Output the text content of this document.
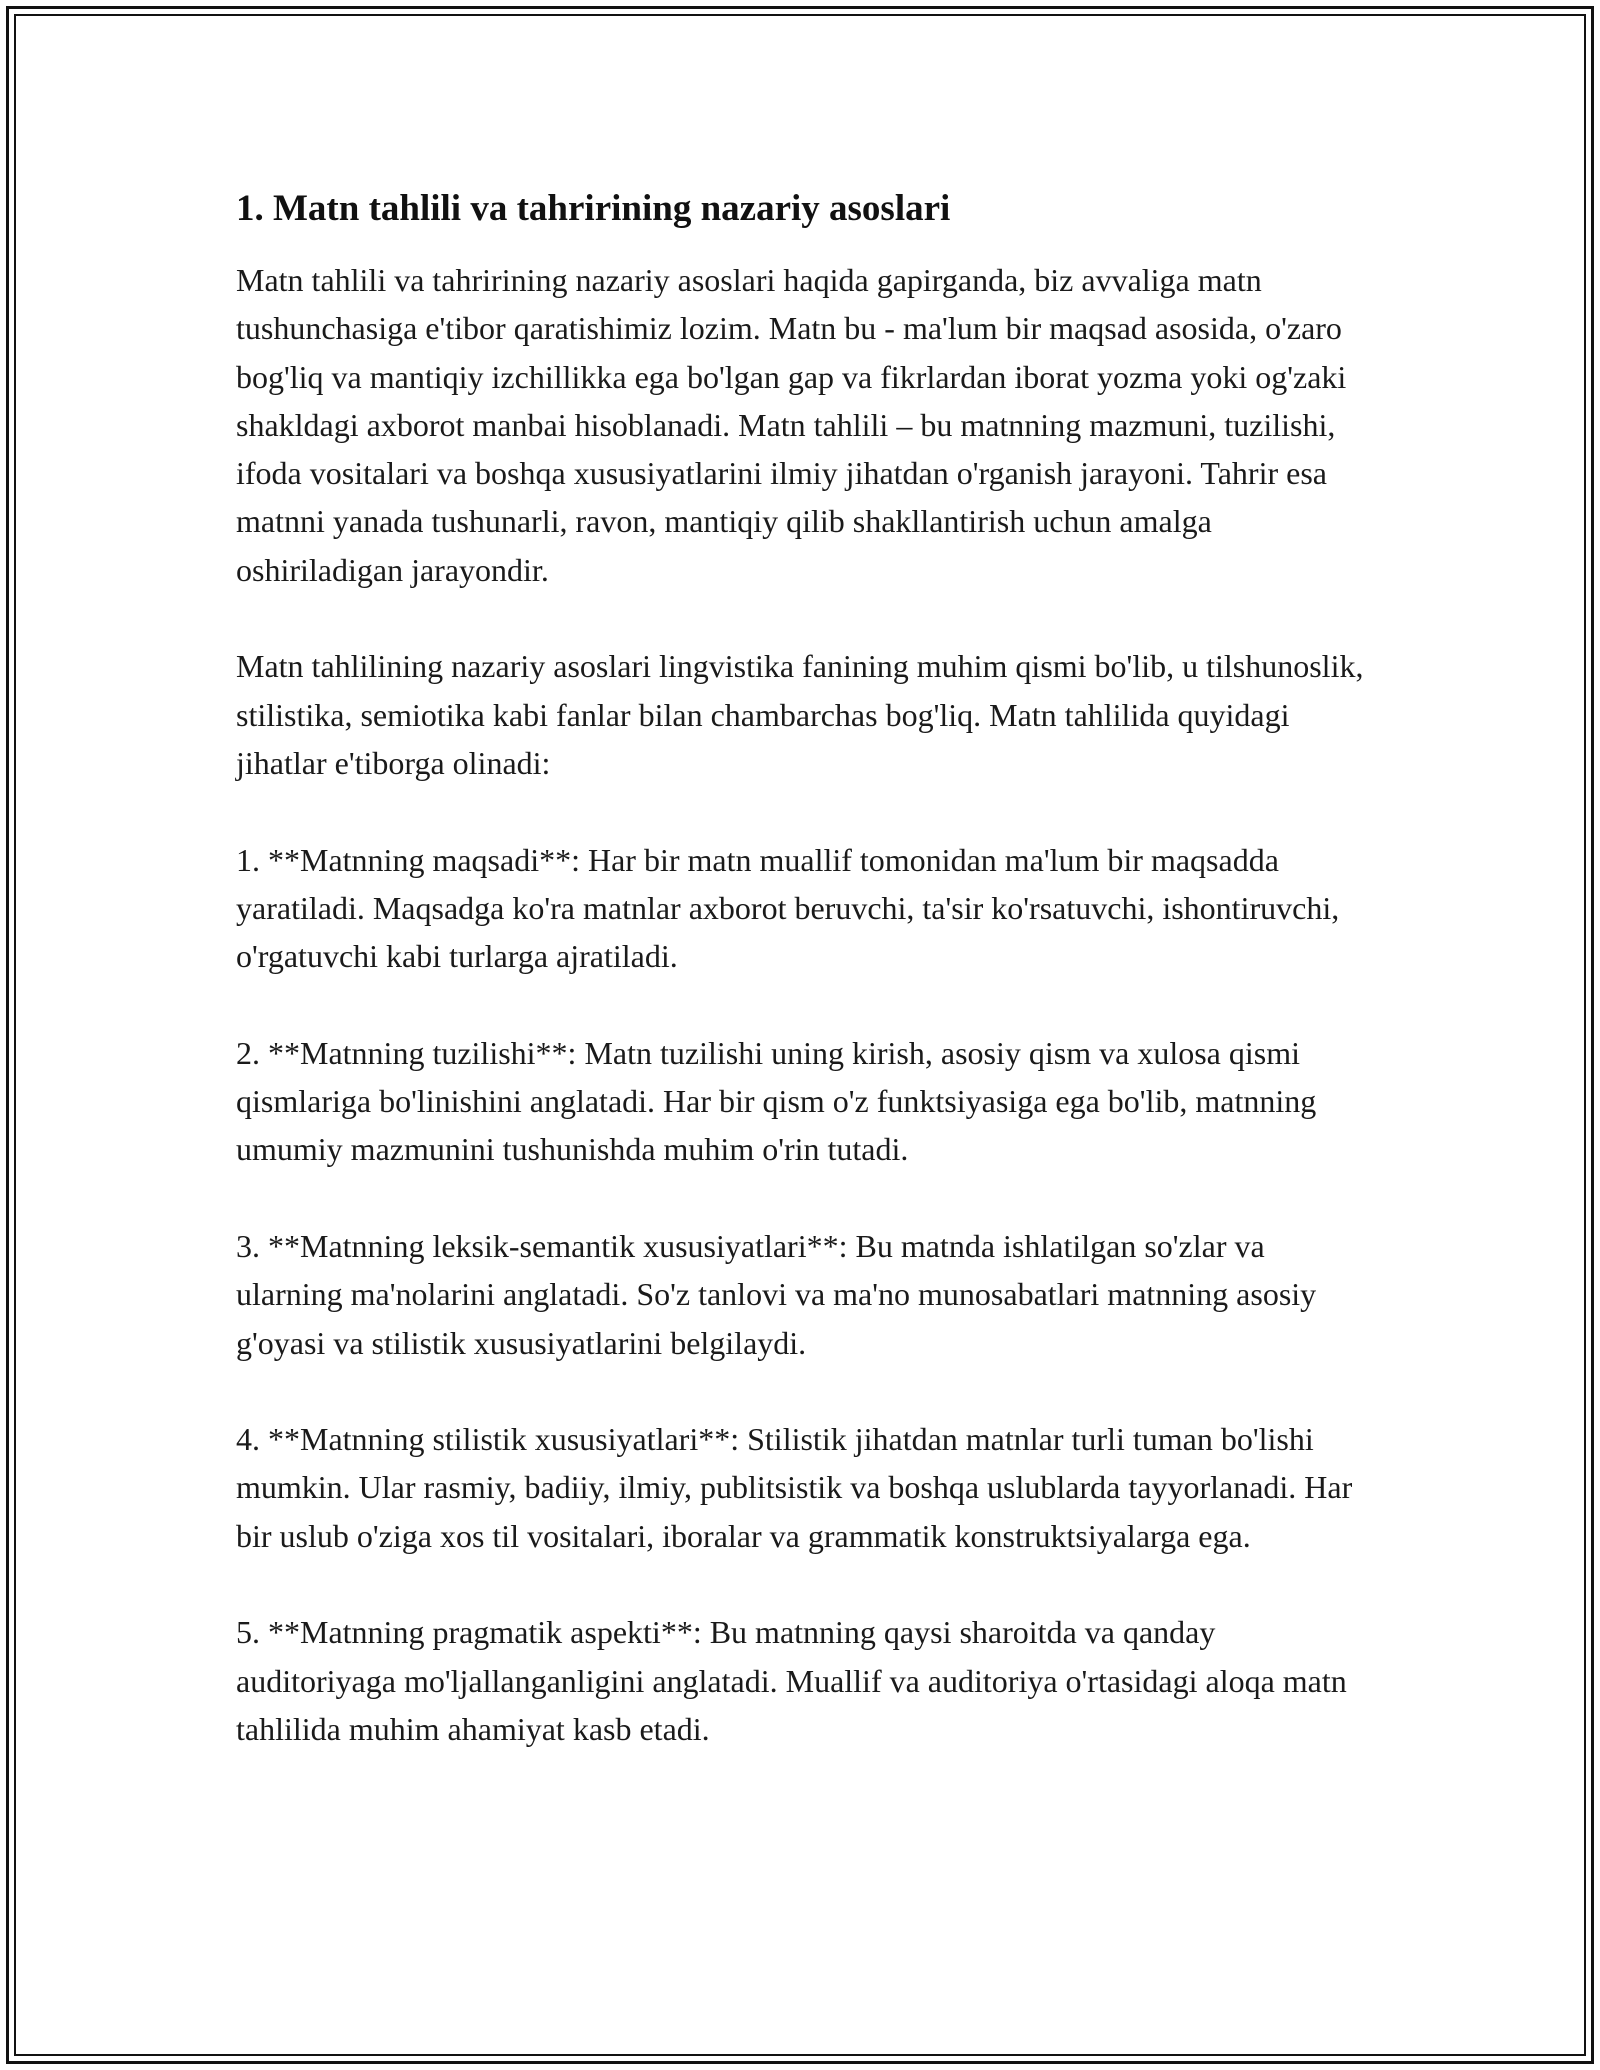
1. Matn tahlili va tahririning nazariy asoslari

Matn tahlili va tahririning nazariy asoslari haqida gapirganda, biz avvaliga matn tushunchasiga e'tibor qaratishimiz lozim. Matn bu - ma'lum bir maqsad asosida, o'zaro bog'liq va mantiqiy izchillikka ega bo'lgan gap va fikrlardan iborat yozma yoki og'zaki shakldagi axborot manbai hisoblanadi. Matn tahlili – bu matnning mazmuni, tuzilishi, ifoda vositalari va boshqa xususiyatlarini ilmiy jihatdan o'rganish jarayoni. Tahrir esa matnni yanada tushunarli, ravon, mantiqiy qilib shakllantirish uchun amalga oshiriladigan jarayondir.

Matn tahlilining nazariy asoslari lingvistika fanining muhim qismi bo'lib, u tilshunoslik, stilistika, semiotika kabi fanlar bilan chambarchas bog'liq. Matn tahlilida quyidagi jihatlar e'tiborga olinadi:

1. **Matnning maqsadi**: Har bir matn muallif tomonidan ma'lum bir maqsadda yaratiladi. Maqsadga ko'ra matnlar axborot beruvchi, ta'sir ko'rsatuvchi, ishontiruvchi, o'rgatuvchi kabi turlarga ajratiladi.

2. **Matnning tuzilishi**: Matn tuzilishi uning kirish, asosiy qism va xulosa qismi qismlariga bo'linishini anglatadi. Har bir qism o'z funktsiyasiga ega bo'lib, matnning umumiy mazmunini tushunishda muhim o'rin tutadi.

3. **Matnning leksik-semantik xususiyatlari**: Bu matnda ishlatilgan so'zlar va ularning ma'nolarini anglatadi. So'z tanlovi va ma'no munosabatlari matnning asosiy g'oyasi va stilistik xususiyatlarini belgilaydi.

4. **Matnning stilistik xususiyatlari**: Stilistik jihatdan matnlar turli tuman bo'lishi mumkin. Ular rasmiy, badiiy, ilmiy, publitsistik va boshqa uslublarda tayyorlanadi. Har bir uslub o'ziga xos til vositalari, iboralar va grammatik konstruktsiyalarga ega.

5. **Matnning pragmatik aspekti**: Bu matnning qaysi sharoitda va qanday auditoriyaga mo'ljallanganligini anglatadi. Muallif va auditoriya o'rtasidagi aloqa matn tahlilida muhim ahamiyat kasb etadi.
